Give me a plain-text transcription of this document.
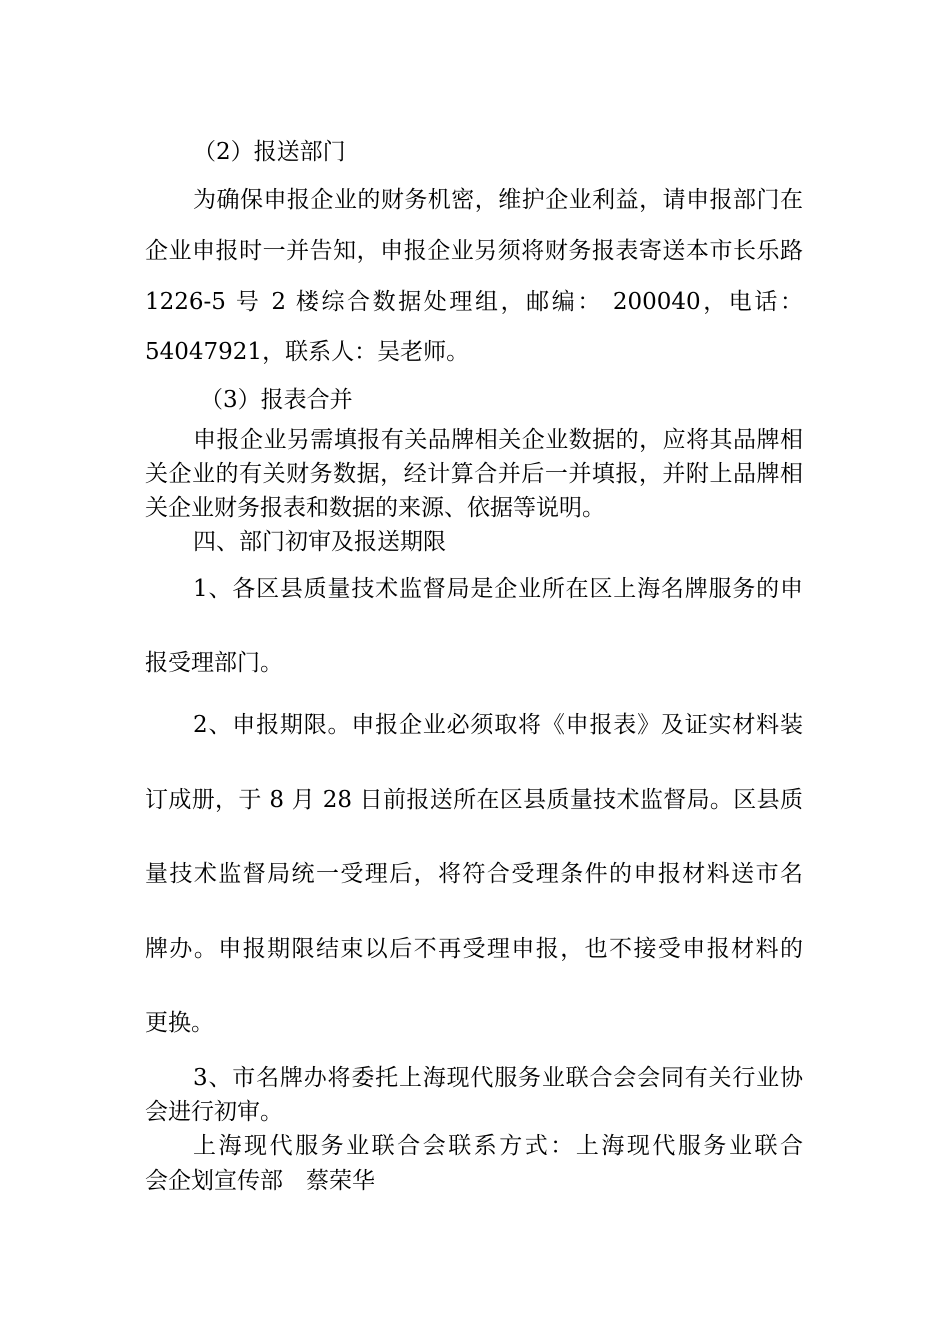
（2）报送部门
为确保申报企业的财务机密，维护企业利益，请申报部门在
企业申报时一并告知，申报企业另须将财务报表寄送本市长乐路
1226-5 号 2 楼综合数据处理组，邮编： 200040，电话：
54047921，联系人：吴老师。
（3）报表合并
申报企业另需填报有关品牌相关企业数据的，应将其品牌相
关企业的有关财务数据，经计算合并后一并填报，并附上品牌相
关企业财务报表和数据的来源、依据等说明。
四、部门初审及报送期限
1、各区县质量技术监督局是企业所在区上海名牌服务的申
报受理部门。
2、申报期限。申报企业必须取将《申报表》及证实材料装
订成册，于 8 月 28 日前报送所在区县质量技术监督局。区县质
量技术监督局统一受理后，将符合受理条件的申报材料送市名
牌办。申报期限结束以后不再受理申报，也不接受申报材料的
更换。
3、市名牌办将委托上海现代服务业联合会会同有关行业协
会进行初审。
上海现代服务业联合会联系方式：上海现代服务业联合
会企划宣传部　蔡荣华
